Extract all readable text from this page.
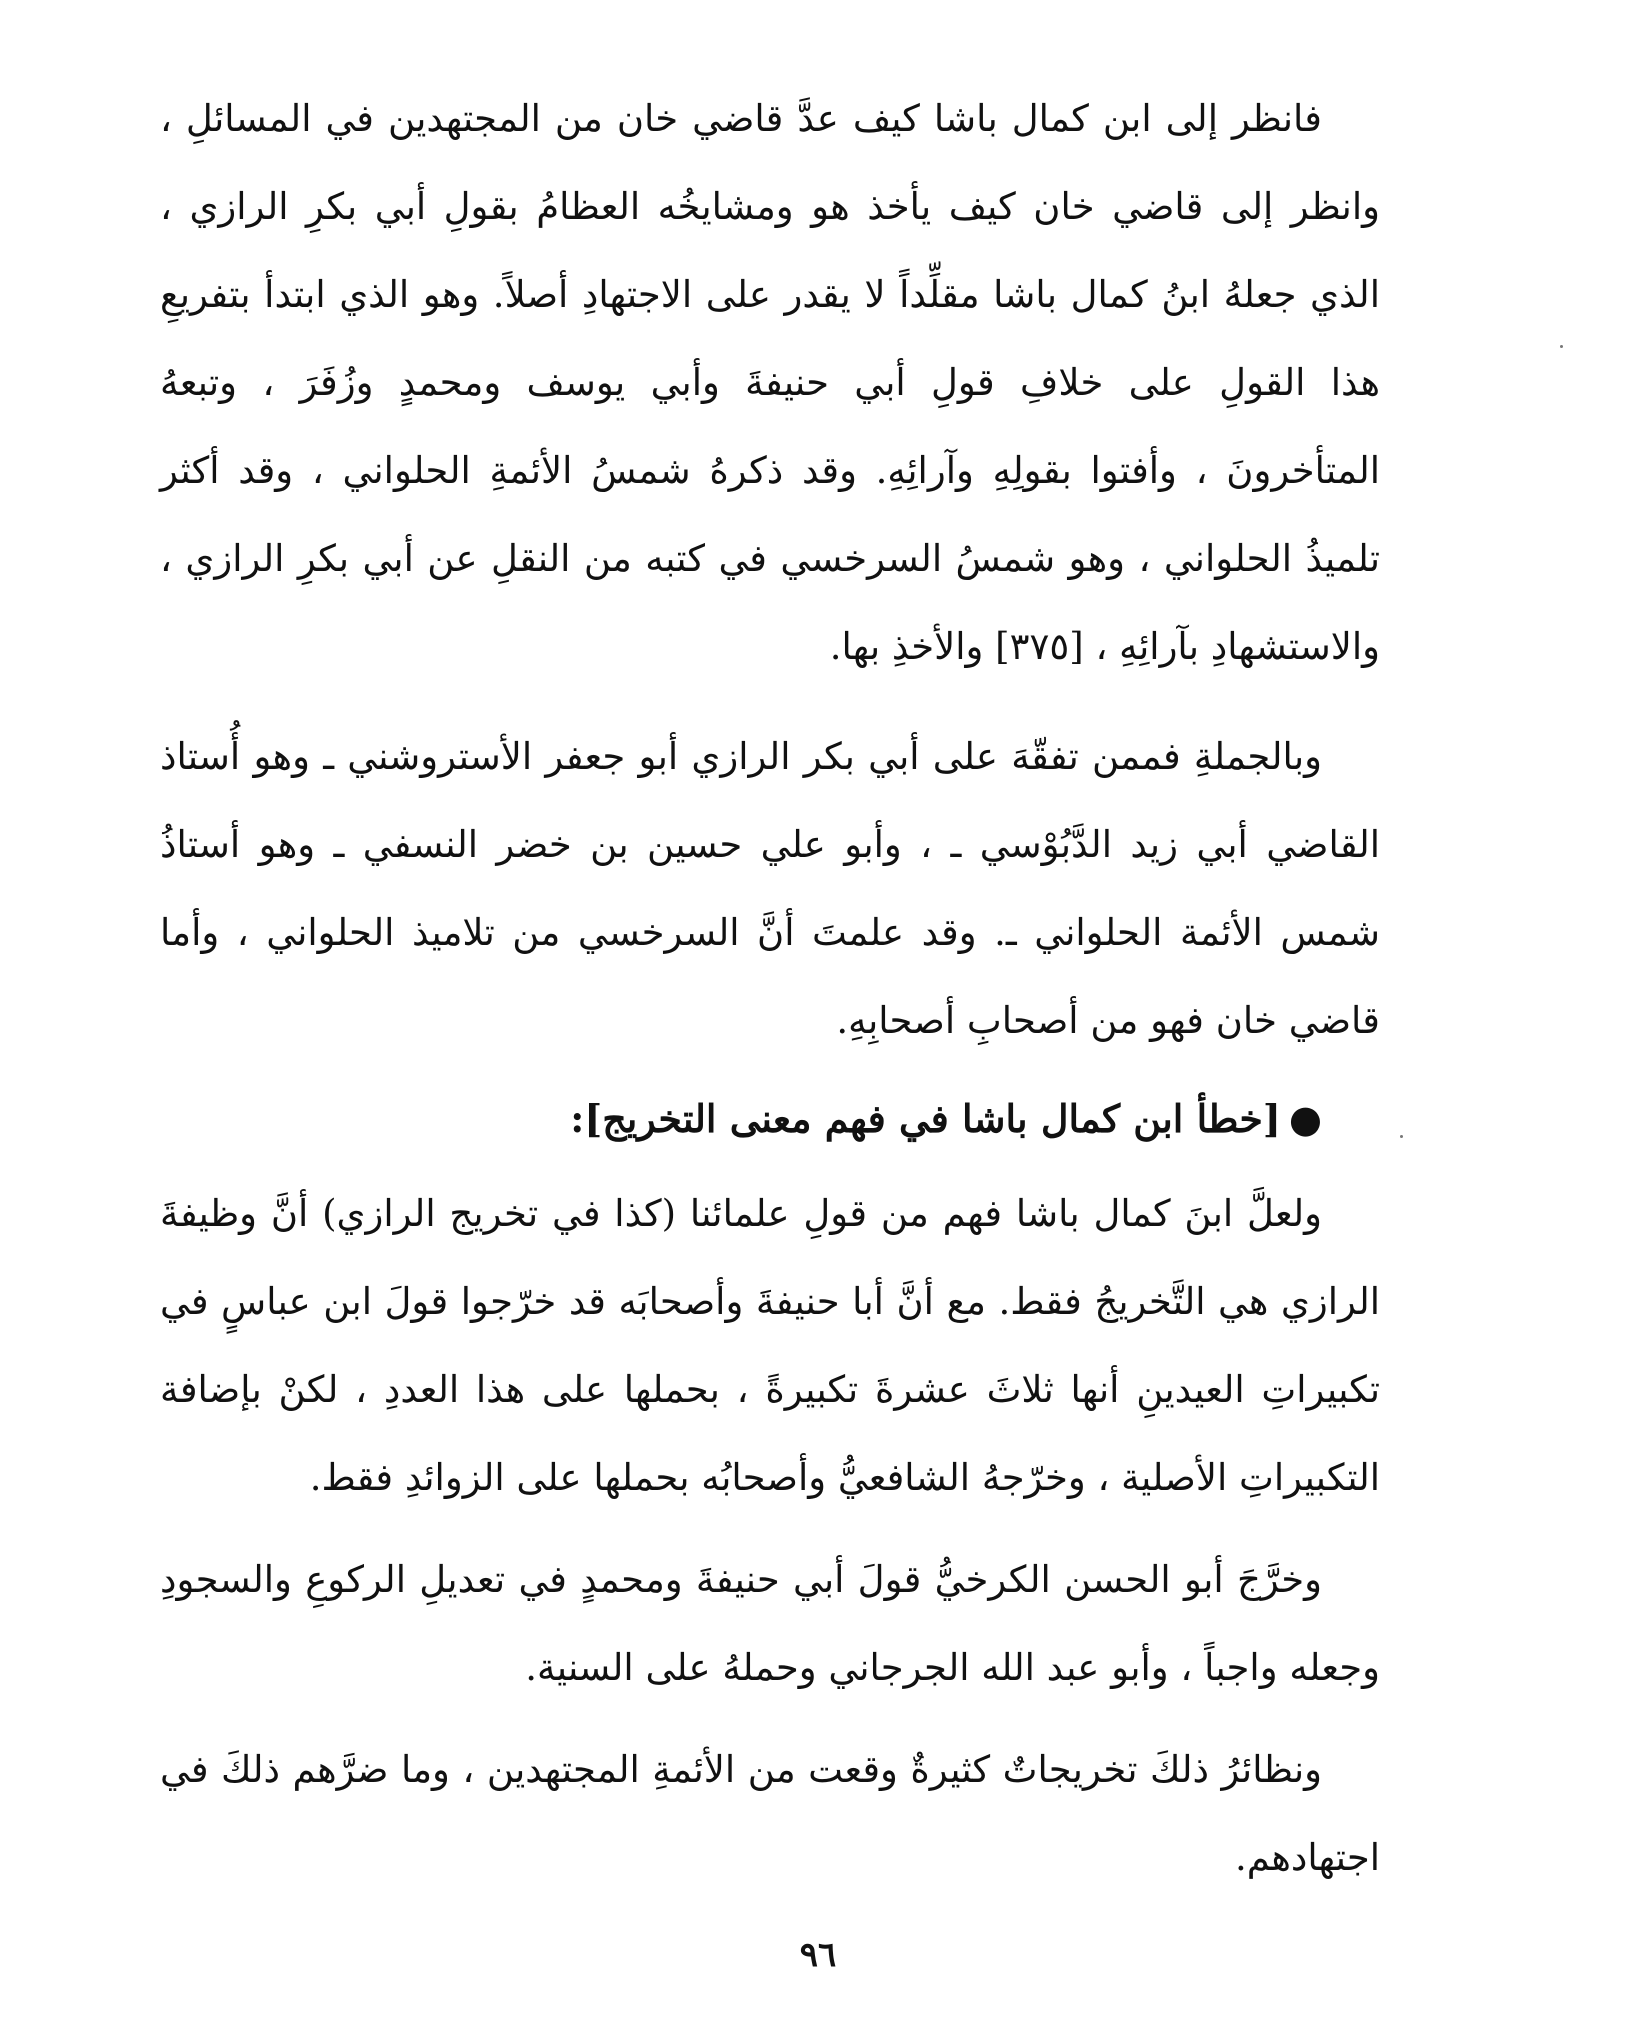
فانظر إلى ابن كمال باشا كيف عدَّ قاضي خان من المجتهدين في المسائلِ ، وانظر إلى قاضي خان كيف يأخذ هو ومشايخُه العظامُ بقولِ أبي بكرِ الرازي ، الذي جعلهُ ابنُ كمال باشا مقلِّداً لا يقدر على الاجتهادِ أصلاً. وهو الذي ابتدأ بتفريعِ هذا القولِ على خلافِ قولِ أبي حنيفةَ وأبي يوسف ومحمدٍ وزُفَرَ ، وتبعهُ المتأخرونَ ، وأفتوا بقولِهِ وآرائِهِ. وقد ذكرهُ شمسُ الأئمةِ الحلواني ، وقد أكثر تلميذُ الحلواني ، وهو شمسُ السرخسي في كتبه من النقلِ عن أبي بكرِ الرازي ، والاستشهادِ بآرائِهِ ، [٣٧٥] والأخذِ بها.

وبالجملةِ فممن تفقّهَ على أبي بكر الرازي أبو جعفر الأستروشني ـ وهو أُستاذ القاضي أبي زيد الدَّبُوْسي ـ ، وأبو علي حسين بن خضر النسفي ـ وهو أستاذُ شمس الأئمة الحلواني ـ. وقد علمتَ أنَّ السرخسي من تلاميذ الحلواني ، وأما قاضي خان فهو من أصحابِ أصحابِهِ.

●[خطأ ابن كمال باشا في فهم معنى التخريج]:

ولعلَّ ابنَ كمال باشا فهم من قولِ علمائنا (كذا في تخريج الرازي) أنَّ وظيفةَ الرازي هي التَّخريجُ فقط. مع أنَّ أبا حنيفةَ وأصحابَه قد خرّجوا قولَ ابن عباسٍ في تكبيراتِ العيدينِ أنها ثلاثَ عشرةَ تكبيرةً ، بحملها على هذا العددِ ، لكنْ بإضافة التكبيراتِ الأصلية ، وخرّجهُ الشافعيُّ وأصحابُه بحملها على الزوائدِ فقط.

وخرَّجَ أبو الحسن الكرخيُّ قولَ أبي حنيفةَ ومحمدٍ في تعديلِ الركوعِ والسجودِ وجعله واجباً ، وأبو عبد الله الجرجاني وحملهُ على السنية.

ونظائرُ ذلكَ تخريجاتٌ كثيرةٌ وقعت من الأئمةِ المجتهدين ، وما ضرَّهم ذلكَ في اجتهادهم.

٩٦
